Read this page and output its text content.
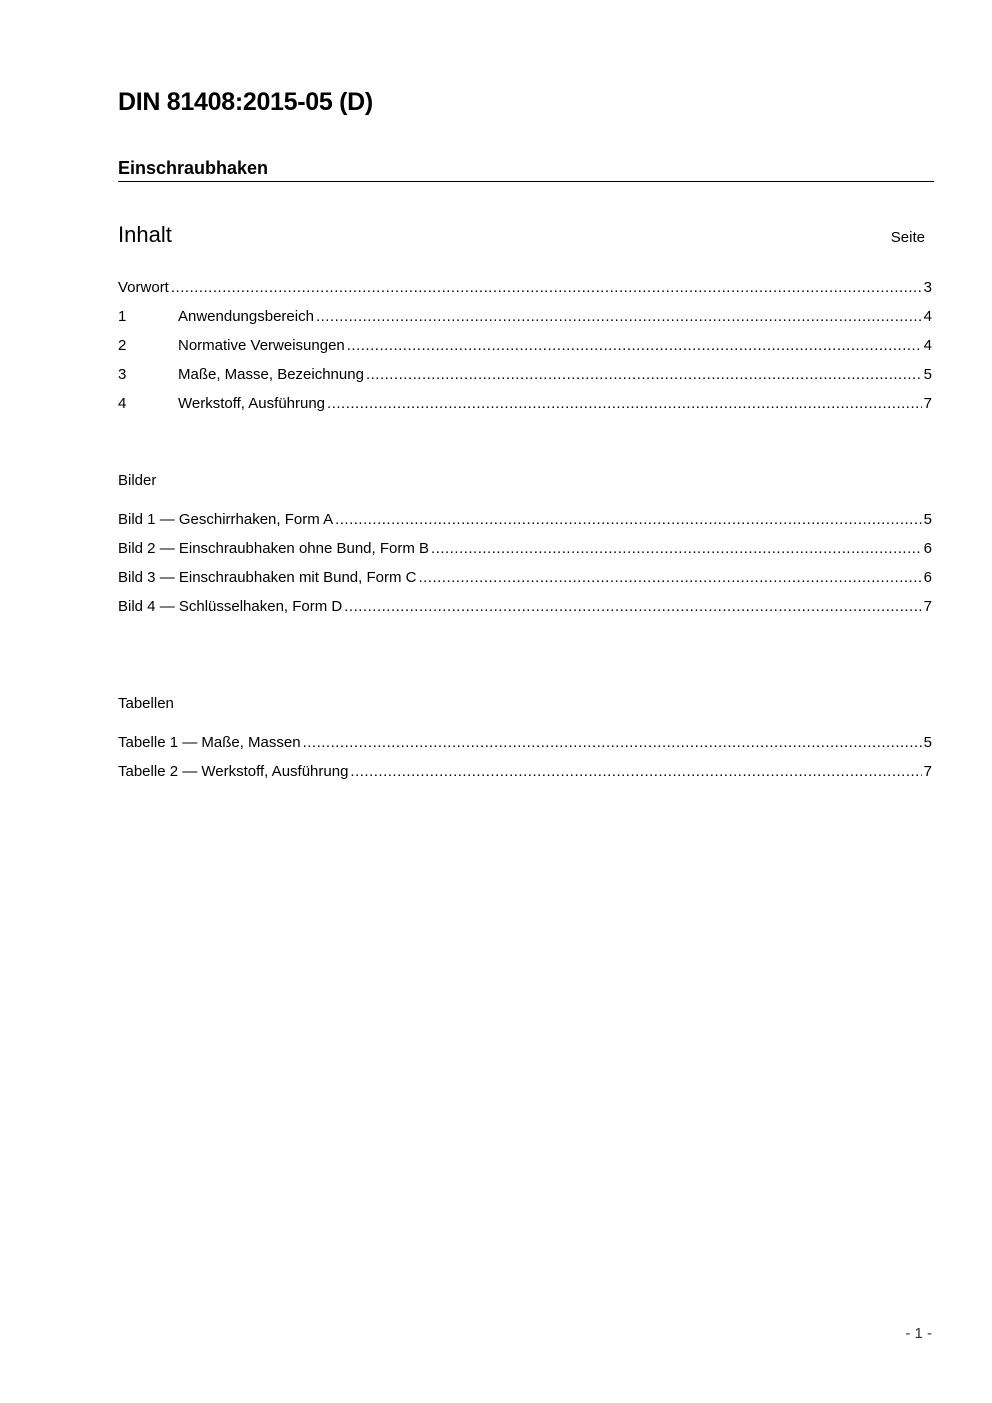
DIN 81408:2015-05 (D)
Einschraubhaken
Inhalt	Seite
Vorwort .....	3
1	Anwendungsbereich .....	4
2	Normative Verweisungen .....	4
3	Maße, Masse, Bezeichnung .....	5
4	Werkstoff, Ausführung .....	7
Bilder
Bild 1 — Geschirrhaken, Form A .....	5
Bild 2 — Einschraubhaken ohne Bund, Form B .....	6
Bild 3 — Einschraubhaken mit Bund, Form C .....	6
Bild 4 — Schlüsselhaken, Form D .....	7
Tabellen
Tabelle 1 — Maße, Massen .....	5
Tabelle 2 — Werkstoff, Ausführung .....	7
- 1 -
